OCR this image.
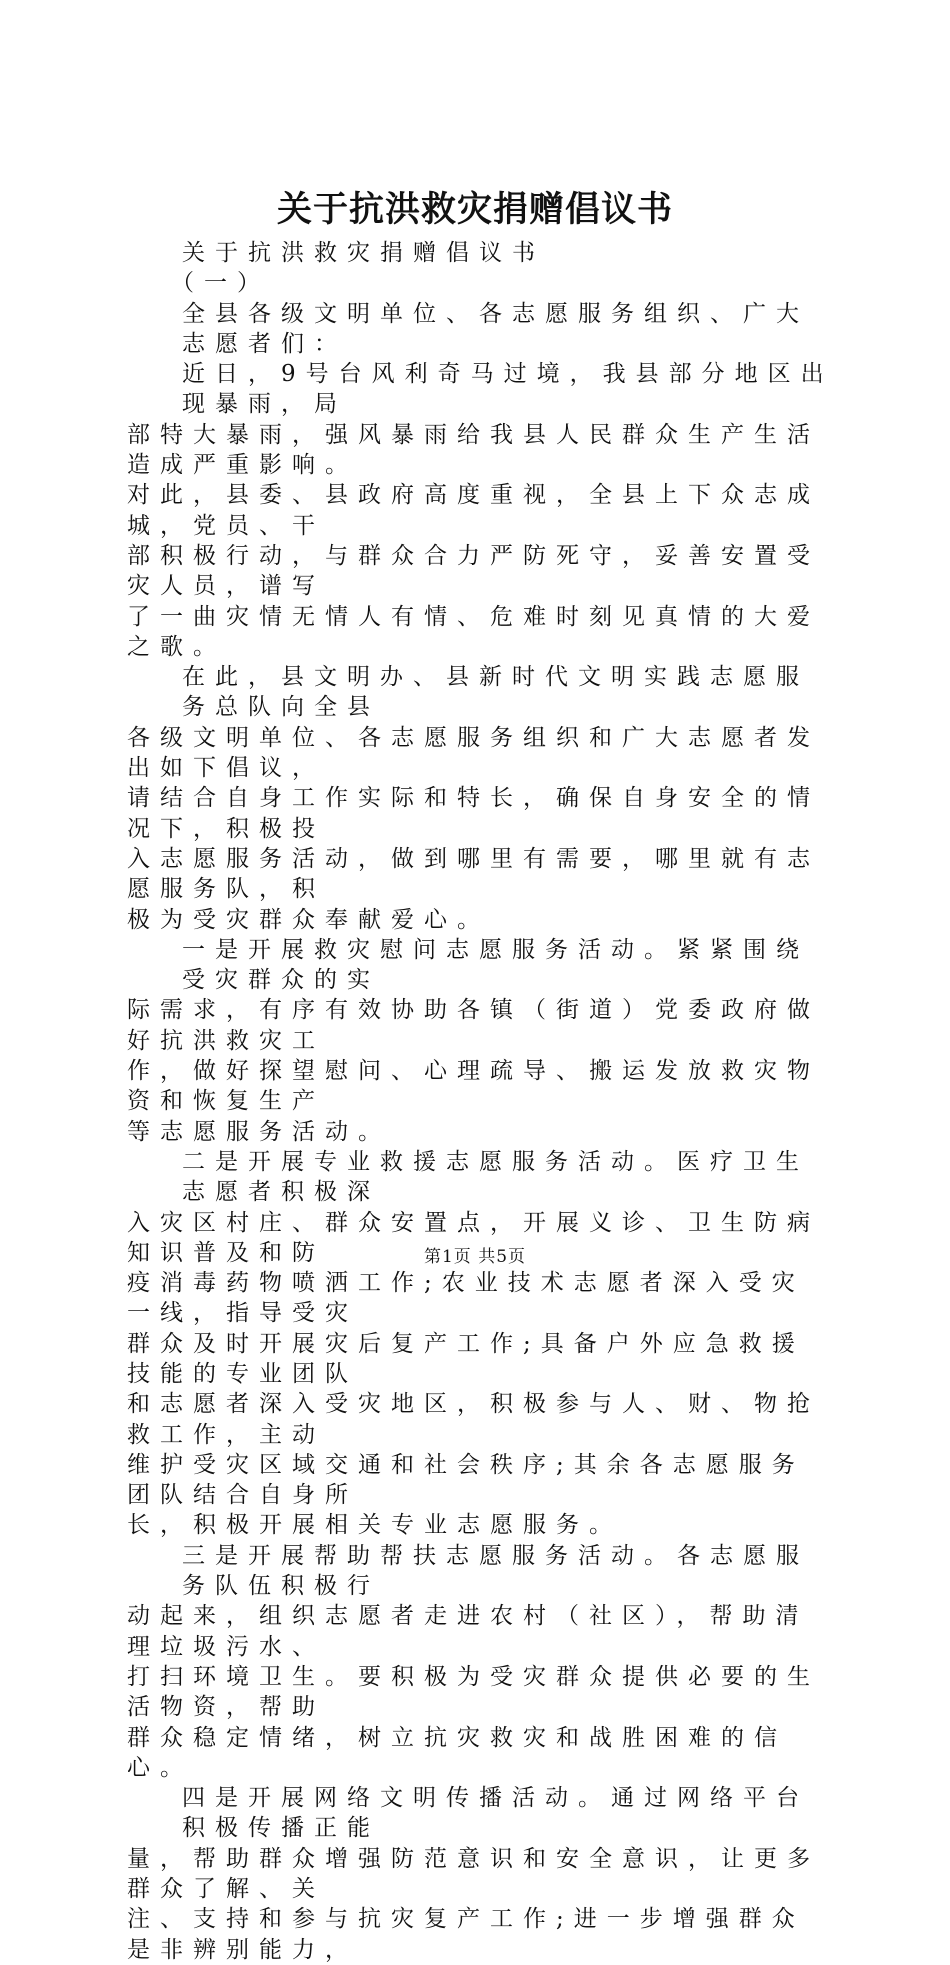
关于抗洪救灾捐赠倡议书
关于抗洪救灾捐赠倡议书
（一）
全县各级文明单位、各志愿服务组织、广大志愿者们：
近日，9号台风利奇马过境，我县部分地区出现暴雨，局
部特大暴雨，强风暴雨给我县人民群众生产生活造成严重影响。
对此，县委、县政府高度重视，全县上下众志成城，党员、干
部积极行动，与群众合力严防死守，妥善安置受灾人员，谱写
了一曲灾情无情人有情、危难时刻见真情的大爱之歌。
在此，县文明办、县新时代文明实践志愿服务总队向全县
各级文明单位、各志愿服务组织和广大志愿者发出如下倡议，
请结合自身工作实际和特长，确保自身安全的情况下，积极投
入志愿服务活动，做到哪里有需要，哪里就有志愿服务队，积
极为受灾群众奉献爱心。
一是开展救灾慰问志愿服务活动。紧紧围绕受灾群众的实
际需求，有序有效协助各镇（街道）党委政府做好抗洪救灾工
作，做好探望慰问、心理疏导、搬运发放救灾物资和恢复生产
等志愿服务活动。
二是开展专业救援志愿服务活动。医疗卫生志愿者积极深
入灾区村庄、群众安置点，开展义诊、卫生防病知识普及和防
疫消毒药物喷洒工作;农业技术志愿者深入受灾一线，指导受灾
群众及时开展灾后复产工作;具备户外应急救援技能的专业团队
和志愿者深入受灾地区，积极参与人、财、物抢救工作，主动
维护受灾区域交通和社会秩序;其余各志愿服务团队结合自身所
长，积极开展相关专业志愿服务。
三是开展帮助帮扶志愿服务活动。各志愿服务队伍积极行
动起来，组织志愿者走进农村（社区），帮助清理垃圾污水、
打扫环境卫生。要积极为受灾群众提供必要的生活物资，帮助
群众稳定情绪，树立抗灾救灾和战胜困难的信心。
四是开展网络文明传播活动。通过网络平台积极传播正能
量，帮助群众增强防范意识和安全意识，让更多群众了解、关
注、支持和参与抗灾复产工作;进一步增强群众是非辨别能力，
第1页 共5页
